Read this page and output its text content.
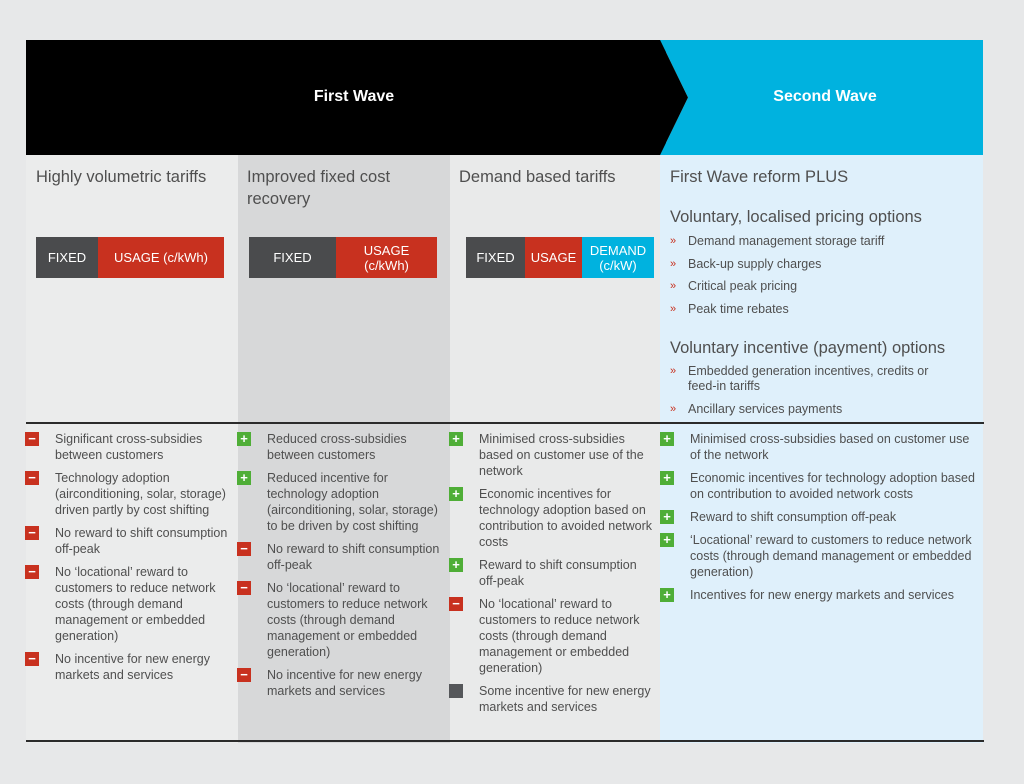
First Wave	Second Wave
Highly volumetric tariffs	Improved fixed cost recovery
Demand based tariffs	First Wave reform PLUS
FIXED	USAGE (c/kWh)	FIXED	USAGE (c/kWh)	FIXED	USAGE	DEMAND (c/kW)
Voluntary, localised pricing options
» Demand management storage tariff
» Back-up supply charges
» Critical peak pricing
» Peak time rebates
Voluntary incentive (payment) options
» Embedded generation incentives, credits or feed-in tariffs
» Ancillary services payments
− Significant cross-subsidies between customers
− Technology adoption (airconditioning, solar, storage) driven partly by cost shifting
− No reward to shift consumption off-peak
− No ‘locational’ reward to customers to reduce network costs (through demand management or embedded generation)
− No incentive for new energy markets and services
+ Reduced cross-subsidies between customers
+ Reduced incentive for technology adoption (airconditioning, solar, storage) to be driven by cost shifting
− No reward to shift consumption off-peak
− No ‘locational’ reward to customers to reduce network costs (through demand management or embedded generation)
− No incentive for new energy markets and services
+ Minimised cross-subsidies based on customer use of the network
+ Economic incentives for technology adoption based on contribution to avoided network costs
+ Reward to shift consumption off-peak
− No ‘locational’ reward to customers to reduce network costs (through demand management or embedded generation)
Some incentive for new energy markets and services
+ Minimised cross-subsidies based on customer use of the network
+ Economic incentives for technology adoption based on contribution to avoided network costs
+ Reward to shift consumption off-peak
+ ‘Locational’ reward to customers to reduce network costs (through demand management or embedded generation)
+ Incentives for new energy markets and services
